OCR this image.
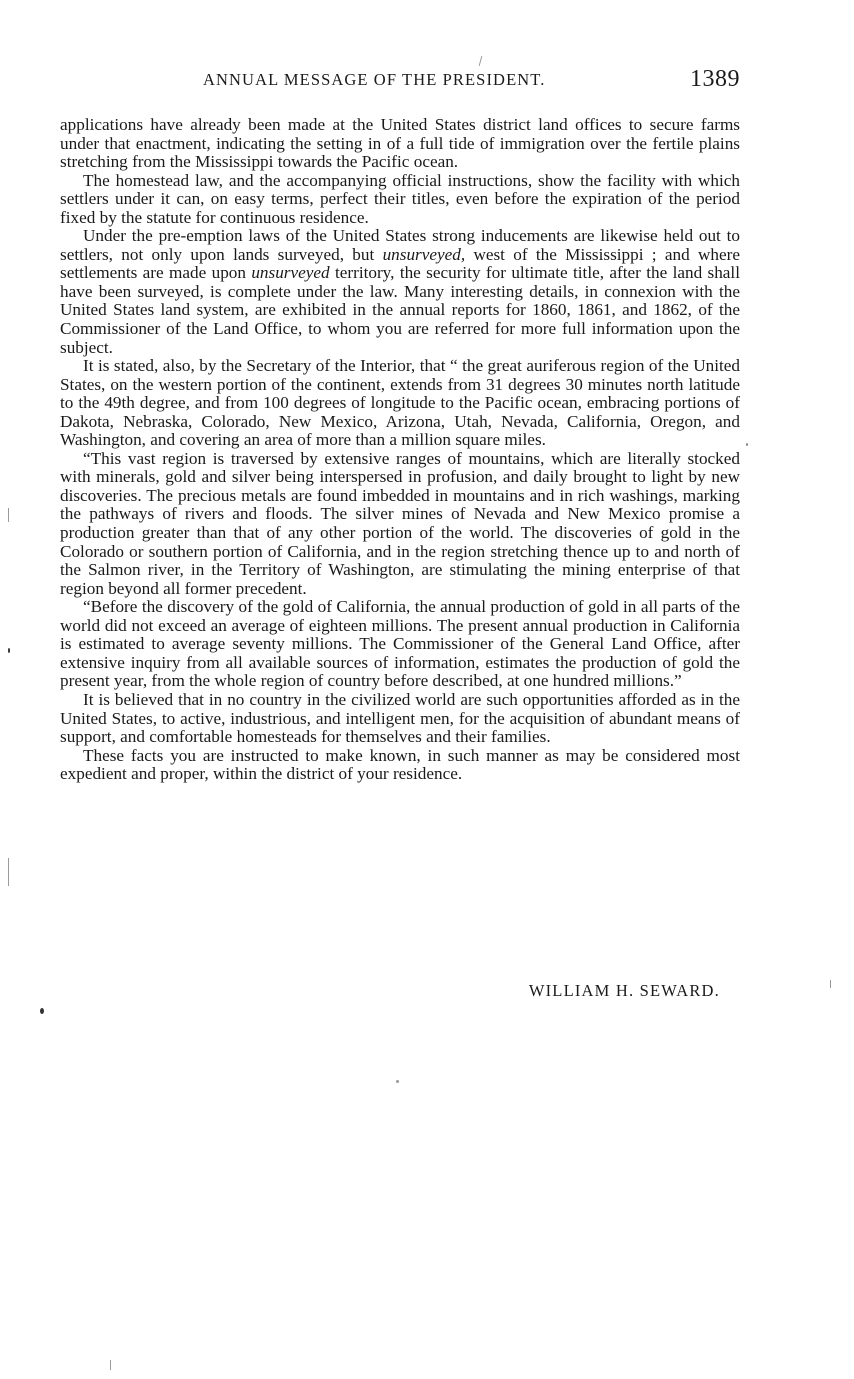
ANNUAL MESSAGE OF THE PRESIDENT.	1389

applications have already been made at the United States district land offices to secure farms under that enactment, indicating the setting in of a full tide of immigration over the fertile plains stretching from the Mississippi towards the Pacific ocean.

The homestead law, and the accompanying official instructions, show the facility with which settlers under it can, on easy terms, perfect their titles, even before the expiration of the period fixed by the statute for continuous residence.

Under the pre-emption laws of the United States strong inducements are likewise held out to settlers, not only upon lands surveyed, but unsurveyed, west of the Mississippi ; and where settlements are made upon unsurveyed territory, the security for ultimate title, after the land shall have been surveyed, is complete under the law. Many interesting details, in connexion with the United States land system, are exhibited in the annual reports for 1860, 1861, and 1862, of the Commissioner of the Land Office, to whom you are referred for more full information upon the subject.

It is stated, also, by the Secretary of the Interior, that “ the great auriferous region of the United States, on the western portion of the continent, extends from 31 degrees 30 minutes north latitude to the 49th degree, and from 100 degrees of longitude to the Pacific ocean, embracing portions of Dakota, Nebraska, Colorado, New Mexico, Arizona, Utah, Nevada, California, Oregon, and Washington, and covering an area of more than a million square miles.

“This vast region is traversed by extensive ranges of mountains, which are literally stocked with minerals, gold and silver being interspersed in profusion, and daily brought to light by new discoveries. The precious metals are found imbedded in mountains and in rich washings, marking the pathways of rivers and floods. The silver mines of Nevada and New Mexico promise a production greater than that of any other portion of the world. The discoveries of gold in the Colorado or southern portion of California, and in the region stretching thence up to and north of the Salmon river, in the Territory of Washington, are stimulating the mining enterprise of that region beyond all former precedent.

“Before the discovery of the gold of California, the annual production of gold in all parts of the world did not exceed an average of eighteen millions. The present annual production in California is estimated to average seventy millions. The Commissioner of the General Land Office, after extensive inquiry from all available sources of information, estimates the production of gold the present year, from the whole region of country before described, at one hundred millions.”

It is believed that in no country in the civilized world are such opportunities afforded as in the United States, to active, industrious, and intelligent men, for the acquisition of abundant means of support, and comfortable homesteads for themselves and their families.

These facts you are instructed to make known, in such manner as may be considered most expedient and proper, within the district of your residence.

WILLIAM H. SEWARD.
